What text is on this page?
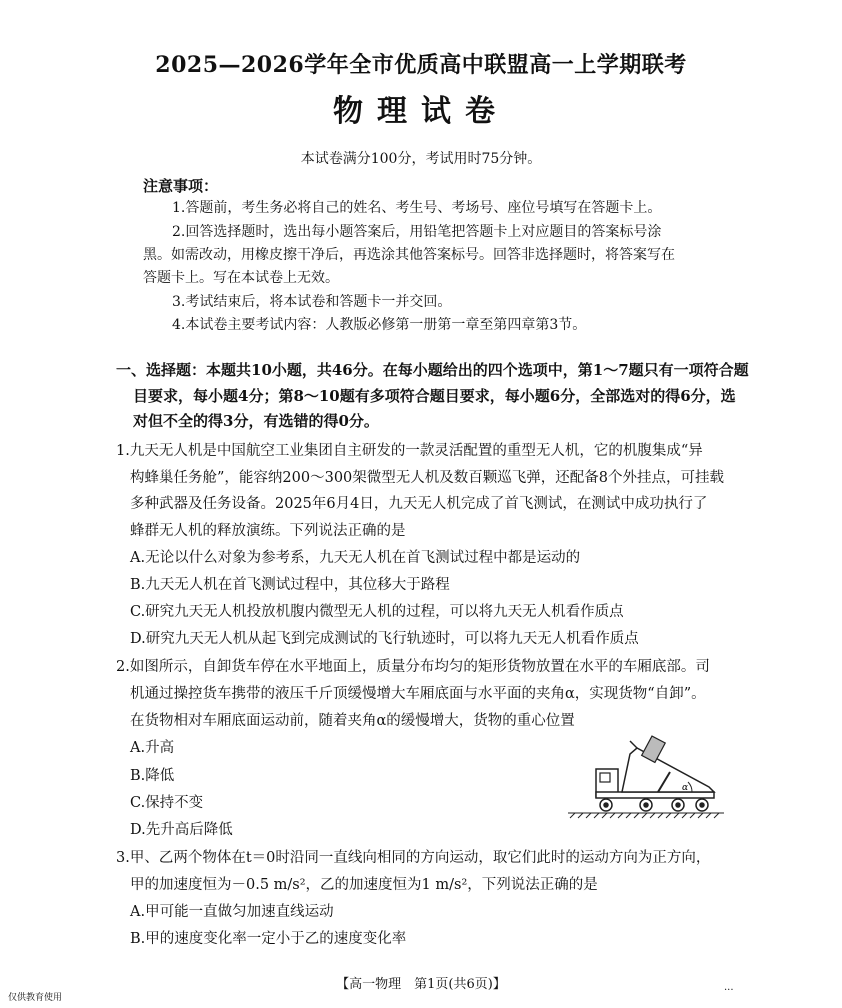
2025—2026学年全市优质高中联盟高一上学期联考
物理试卷
本试卷满分100分，考试用时75分钟。
注意事项：
1.答题前，考生务必将自己的姓名、考生号、考场号、座位号填写在答题卡上。
2.回答选择题时，选出每小题答案后，用铅笔把答题卡上对应题目的答案标号涂
黑。如需改动，用橡皮擦干净后，再选涂其他答案标号。回答非选择题时，将答案写在
答题卡上。写在本试卷上无效。
3.考试结束后，将本试卷和答题卡一并交回。
4.本试卷主要考试内容：人教版必修第一册第一章至第四章第3节。
一、选择题：本题共10小题，共46分。在每小题给出的四个选项中，第1～7题只有一项符合题
目要求，每小题4分；第8～10题有多项符合题目要求，每小题6分，全部选对的得6分，选
对但不全的得3分，有选错的得0分。
1.九天无人机是中国航空工业集团自主研发的一款灵活配置的重型无人机，它的机腹集成“异
构蜂巢任务舱”，能容纳200～300架微型无人机及数百颗巡飞弹，还配备8个外挂点，可挂载
多种武器及任务设备。2025年6月4日，九天无人机完成了首飞测试，在测试中成功执行了
蜂群无人机的释放演练。下列说法正确的是
A.无论以什么对象为参考系，九天无人机在首飞测试过程中都是运动的
B.九天无人机在首飞测试过程中，其位移大于路程
C.研究九天无人机投放机腹内微型无人机的过程，可以将九天无人机看作质点
D.研究九天无人机从起飞到完成测试的飞行轨迹时，可以将九天无人机看作质点
2.如图所示，自卸货车停在水平地面上，质量分布均匀的矩形货物放置在水平的车厢底部。司
机通过操控货车携带的液压千斤顶缓慢增大车厢底面与水平面的夹角α，实现货物“自卸”。
在货物相对车厢底面运动前，随着夹角α的缓慢增大，货物的重心位置
A.升高
B.降低
C.保持不变
D.先升高后降低
α
3.甲、乙两个物体在t＝0时沿同一直线向相同的方向运动，取它们此时的运动方向为正方向，
甲的加速度恒为－0.5 m/s²，乙的加速度恒为1 m/s²，下列说法正确的是
A.甲可能一直做匀加速直线运动
B.甲的速度变化率一定小于乙的速度变化率
仅供教育使用
【高一物理　第1页(共6页)】	...
